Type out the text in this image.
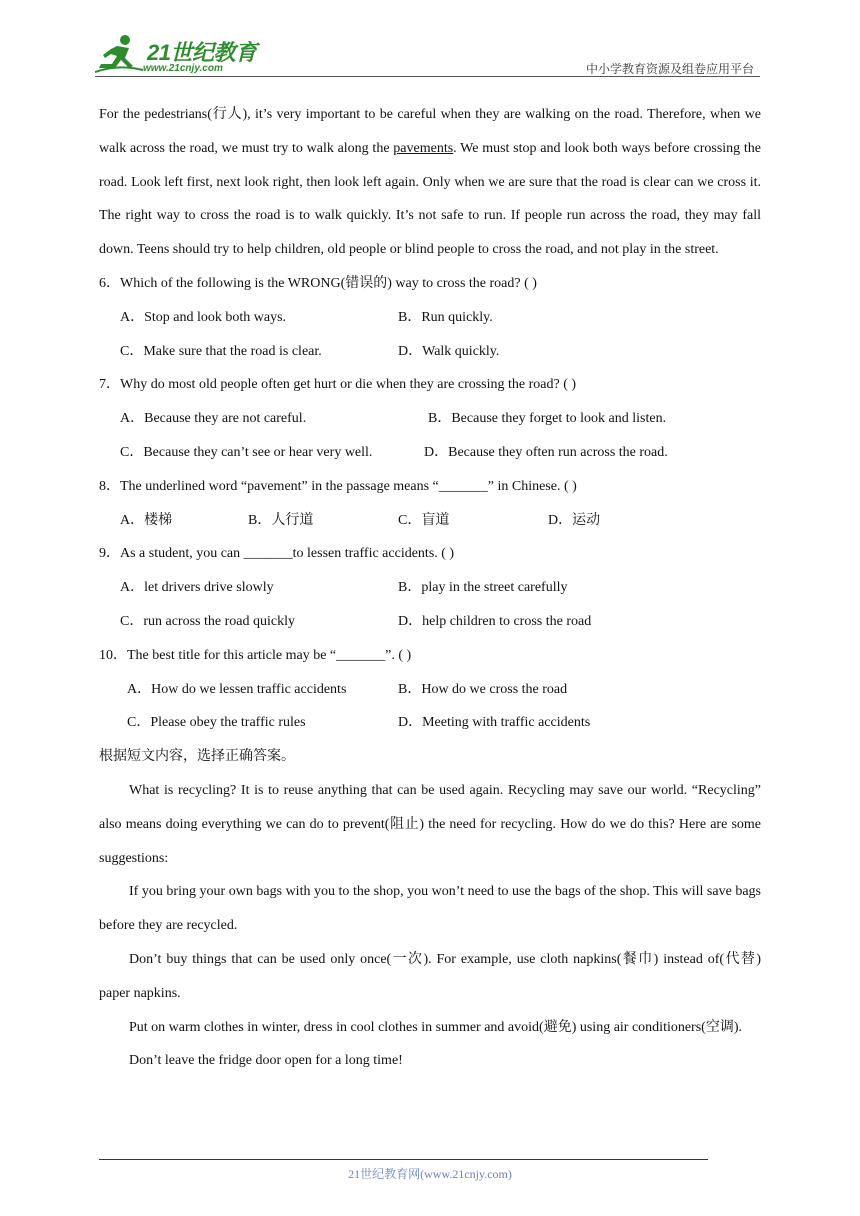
21世纪教育
www.21cnjy.com	中小学教育资源及组卷应用平台

For the pedestrians(行人), it’s very important to be careful when they are walking on the road. Therefore, when we walk across the road, we must try to walk along the pavements. We must stop and look both ways before crossing the road. Look left first, next look right, then look left again. Only when we are sure that the road is clear can we cross it. The right way to cross the road is to walk quickly. It’s not safe to run. If people run across the road, they may fall down. Teens should try to help children, old people or blind people to cross the road, and not play in the street.

6．Which of the following is the WRONG(错误的) way to cross the road? ( )

A．Stop and look both ways.	B．Run quickly.
C．Make sure that the road is clear.	D．Walk quickly.

7．Why do most old people often get hurt or die when they are crossing the road? ( )

A．Because they are not careful.	B．Because they forget to look and listen.
C．Because they can’t see or hear very well.	D．Because they often run across the road.

8．The underlined word “pavement” in the passage means “_______” in Chinese. ( )

A．楼梯	B．人行道	C．盲道	D．运动

9．As a student, you can _______to lessen traffic accidents. ( )

A．let drivers drive slowly	B．play in the street carefully
C．run across the road quickly	D．help children to cross the road

10．The best title for this article may be “_______”. ( )

A．How do we lessen traffic accidents	B．How do we cross the road
C．Please obey the traffic rules	D．Meeting with traffic accidents

根据短文内容，选择正确答案。

What is recycling? It is to reuse anything that can be used again. Recycling may save our world. “Recycling” also means doing everything we can do to prevent(阻止) the need for recycling. How do we do this? Here are some suggestions:

If you bring your own bags with you to the shop, you won’t need to use the bags of the shop. This will save bags before they are recycled.

Don’t buy things that can be used only once(一次). For example, use cloth napkins(餐巾) instead of(代替) paper napkins.

Put on warm clothes in winter, dress in cool clothes in summer and avoid(避免) using air conditioners(空调).

Don’t leave the fridge door open for a long time!

21世纪教育网(www.21cnjy.com)
